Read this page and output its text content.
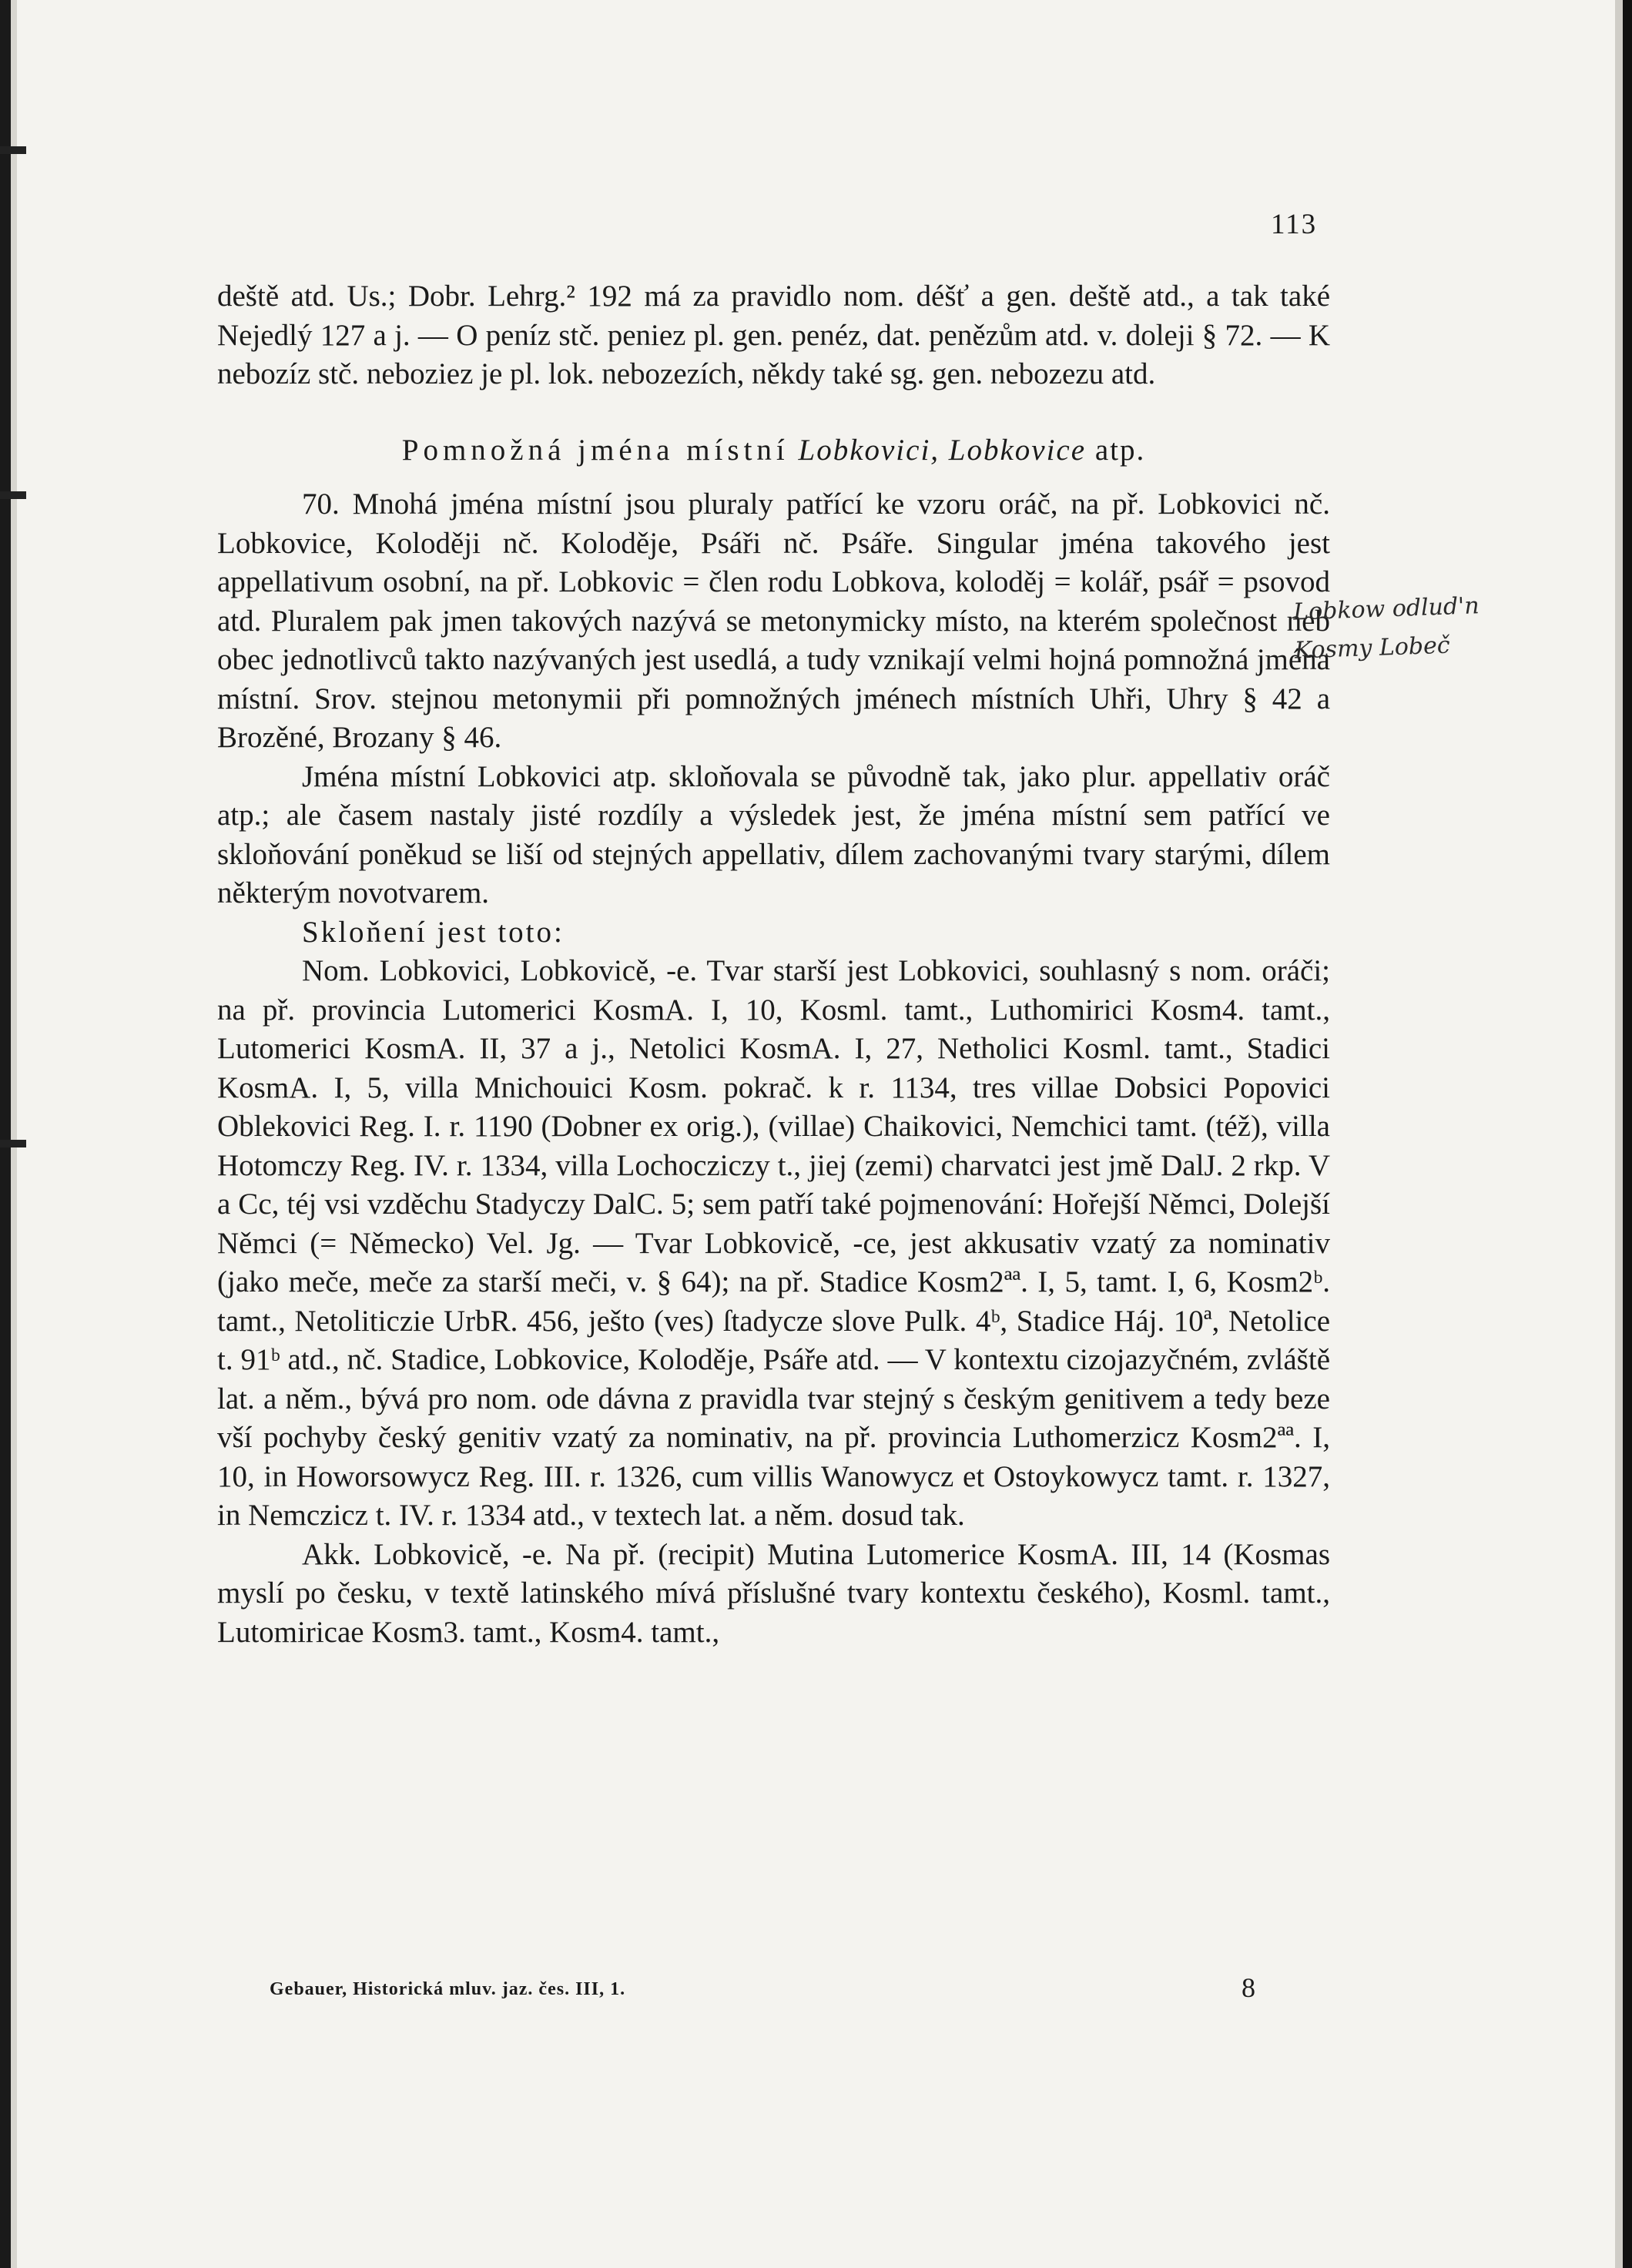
113

deště atd. Us.; Dobr. Lehrg.² 192 má za pravidlo nom. déšť a gen. deště atd., a tak také Nejedlý 127 a j. — O peníz stč. peniez pl. gen. penéz, dat. penězům atd. v. doleji § 72. — K nebozíz stč. neboziez je pl. lok. nebozezích, někdy také sg. gen. nebozezu atd.

Pomnožná jména místní Lobkovici, Lobkovice atp.

70. Mnohá jména místní jsou pluraly patřící ke vzoru oráč, na př. Lobkovici nč. Lobkovice, Koloději nč. Koloděje, Psáři nč. Psáře. Singular jména takového jest appellativum osobní, na př. Lobkovic = člen rodu Lobkova, koloděj = kolář, psář = psovod atd. Pluralem pak jmen takových nazývá se metonymicky místo, na kterém společnost neb obec jednotlivců takto nazývaných jest usedlá, a tudy vznikají velmi hojná pomnožná jména místní. Srov. stejnou metonymii při pomnožných jménech místních Uhři, Uhry § 42 a Brozěné, Brozany § 46.

Jména místní Lobkovici atp. skloňovala se původně tak, jako plur. appellativ oráč atp.; ale časem nastaly jisté rozdíly a výsledek jest, že jména místní sem patřící ve skloňování poněkud se liší od stejných appellativ, dílem zachovanými tvary starými, dílem některým novotvarem.

Skloňení jest toto:

Nom. Lobkovici, Lobkovicě, -e. Tvar starší jest Lobkovici, souhlasný s nom. oráči; na př. provincia Lutomerici KosmA. I, 10, Kosml. tamt., Luthomirici Kosm4. tamt., Lutomerici KosmA. II, 37 a j., Netolici KosmA. I, 27, Netholici Kosml. tamt., Stadici KosmA. I, 5, villa Mnichouici Kosm. pokrač. k r. 1134, tres villae Dobsici Popovici Oblekovici Reg. I. r. 1190 (Dobner ex orig.), (villae) Chaikovici, Nemchici tamt. (též), villa Hotomczy Reg. IV. r. 1334, villa Lochocziczy t., jiej (zemi) charvatci jest jmě DalJ. 2 rkp. V a Cc, téj vsi vzděchu Stadyczy DalC. 5; sem patří také pojmenování: Hořejší Němci, Dolejší Němci (= Německo) Vel. Jg. — Tvar Lobkovicě, -ce, jest akkusativ vzatý za nominativ (jako meče, meče za starší meči, v. § 64); na př. Stadice Kosm2ªª. I, 5, tamt. I, 6, Kosm2ᵇ. tamt., Netoliticzie UrbR. 456, ješto (ves) ſtadycze slove Pulk. 4ᵇ, Stadice Háj. 10ª, Netolice t. 91ᵇ atd., nč. Stadice, Lobkovice, Koloděje, Psáře atd. — V kontextu cizojazyčném, zvláště lat. a něm., bývá pro nom. ode dávna z pravidla tvar stejný s českým genitivem a tedy beze vší pochyby český genitiv vzatý za nominativ, na př. provincia Luthomerzicz Kosm2ªª. I, 10, in Howorsowycz Reg. III. r. 1326, cum villis Wanowycz et Ostoykowycz tamt. r. 1327, in Nemczicz t. IV. r. 1334 atd., v textech lat. a něm. dosud tak.

Akk. Lobkovicě, -e. Na př. (recipit) Mutina Lutomerice KosmA. III, 14 (Kosmas myslí po česku, v textě latinského mívá příslušné tvary kontextu českého), Kosml. tamt., Lutomiricae Kosm3. tamt., Kosm4. tamt.,

Lobkow odlud'n
Kosmy Lobeč
Gebauer, Historická mluv. jaz. čes. III, 1.	8
